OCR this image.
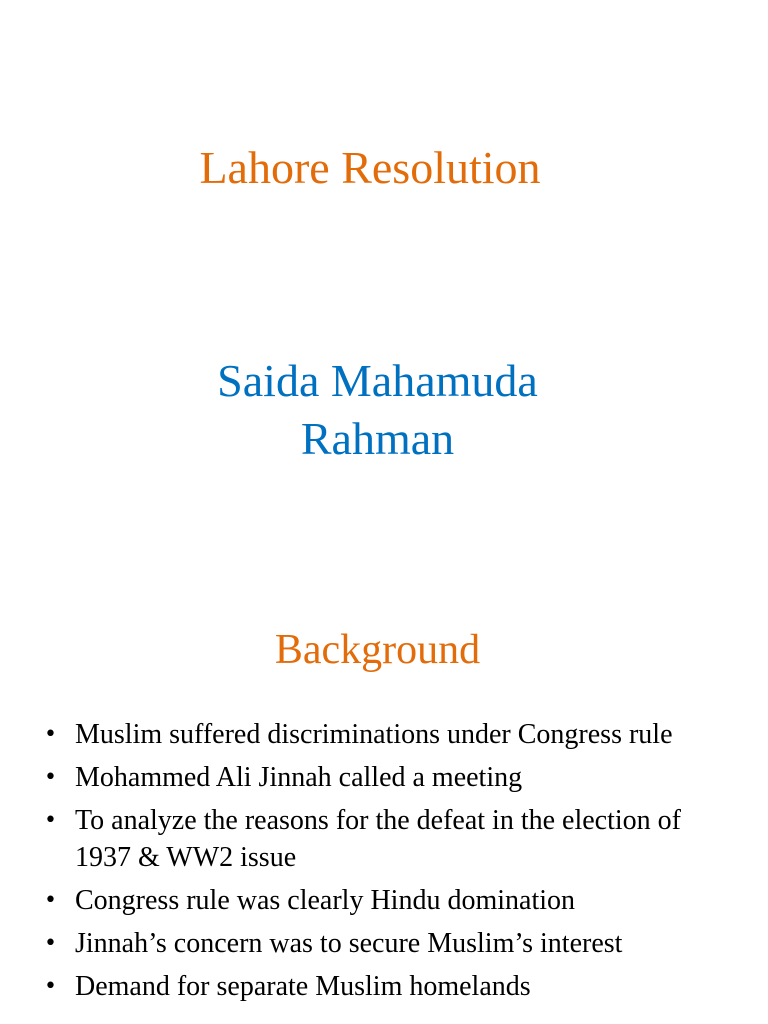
Lahore Resolution
Saida Mahamuda
Rahman
Background
• Muslim suffered discriminations under Congress rule
• Mohammed Ali Jinnah called a meeting
• To analyze the reasons for the defeat in the election of 1937 & WW2 issue
• Congress rule was clearly Hindu domination
• Jinnah’s concern was to secure Muslim’s interest
• Demand for separate Muslim homelands
